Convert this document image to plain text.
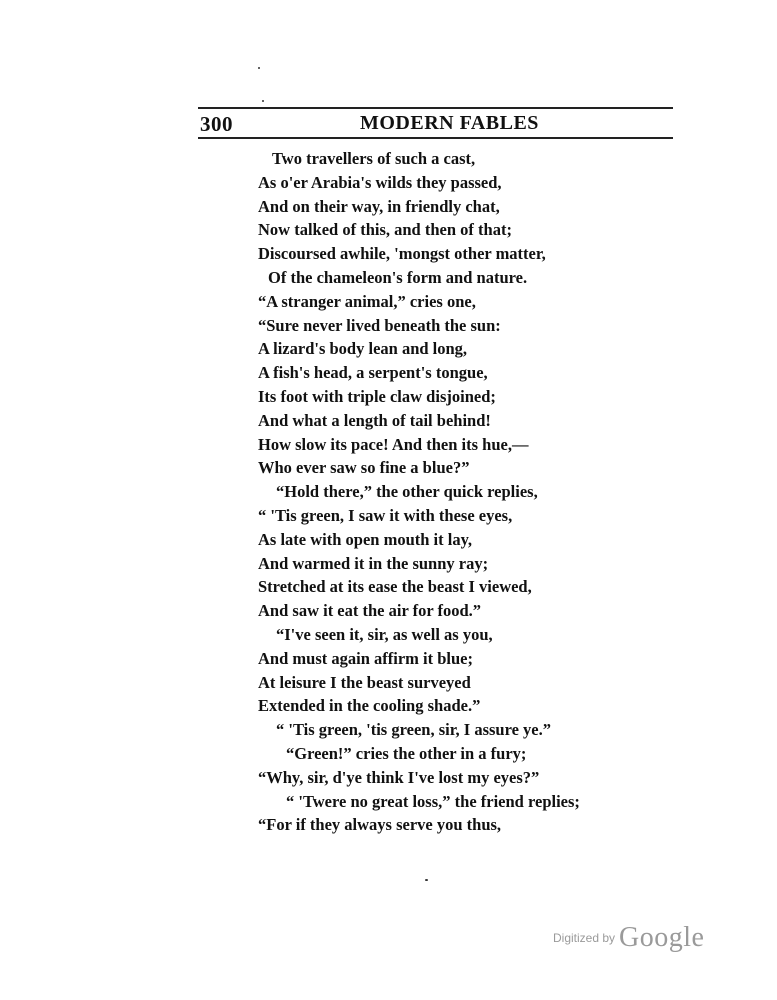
300	MODERN FABLES
Two travellers of such a cast,
As o'er Arabia's wilds they passed,
And on their way, in friendly chat,
Now talked of this, and then of that;
Discoursed awhile, 'mongst other matter,
Of the chameleon's form and nature.
“A stranger animal,” cries one,
“Sure never lived beneath the sun:
A lizard's body lean and long,
A fish's head, a serpent's tongue,
Its foot with triple claw disjoined;
And what a length of tail behind!
How slow its pace! And then its hue,—
Who ever saw so fine a blue?”
“Hold there,” the other quick replies,
“ 'Tis green, I saw it with these eyes,
As late with open mouth it lay,
And warmed it in the sunny ray;
Stretched at its ease the beast I viewed,
And saw it eat the air for food.”
“I've seen it, sir, as well as you,
And must again affirm it blue;
At leisure I the beast surveyed
Extended in the cooling shade.”
“ 'Tis green, 'tis green, sir, I assure ye.”
“Green!” cries the other in a fury;
“Why, sir, d'ye think I've lost my eyes?”
“ 'Twere no great loss,” the friend replies;
“For if they always serve you thus,
$^{Digitized by}$ Google
